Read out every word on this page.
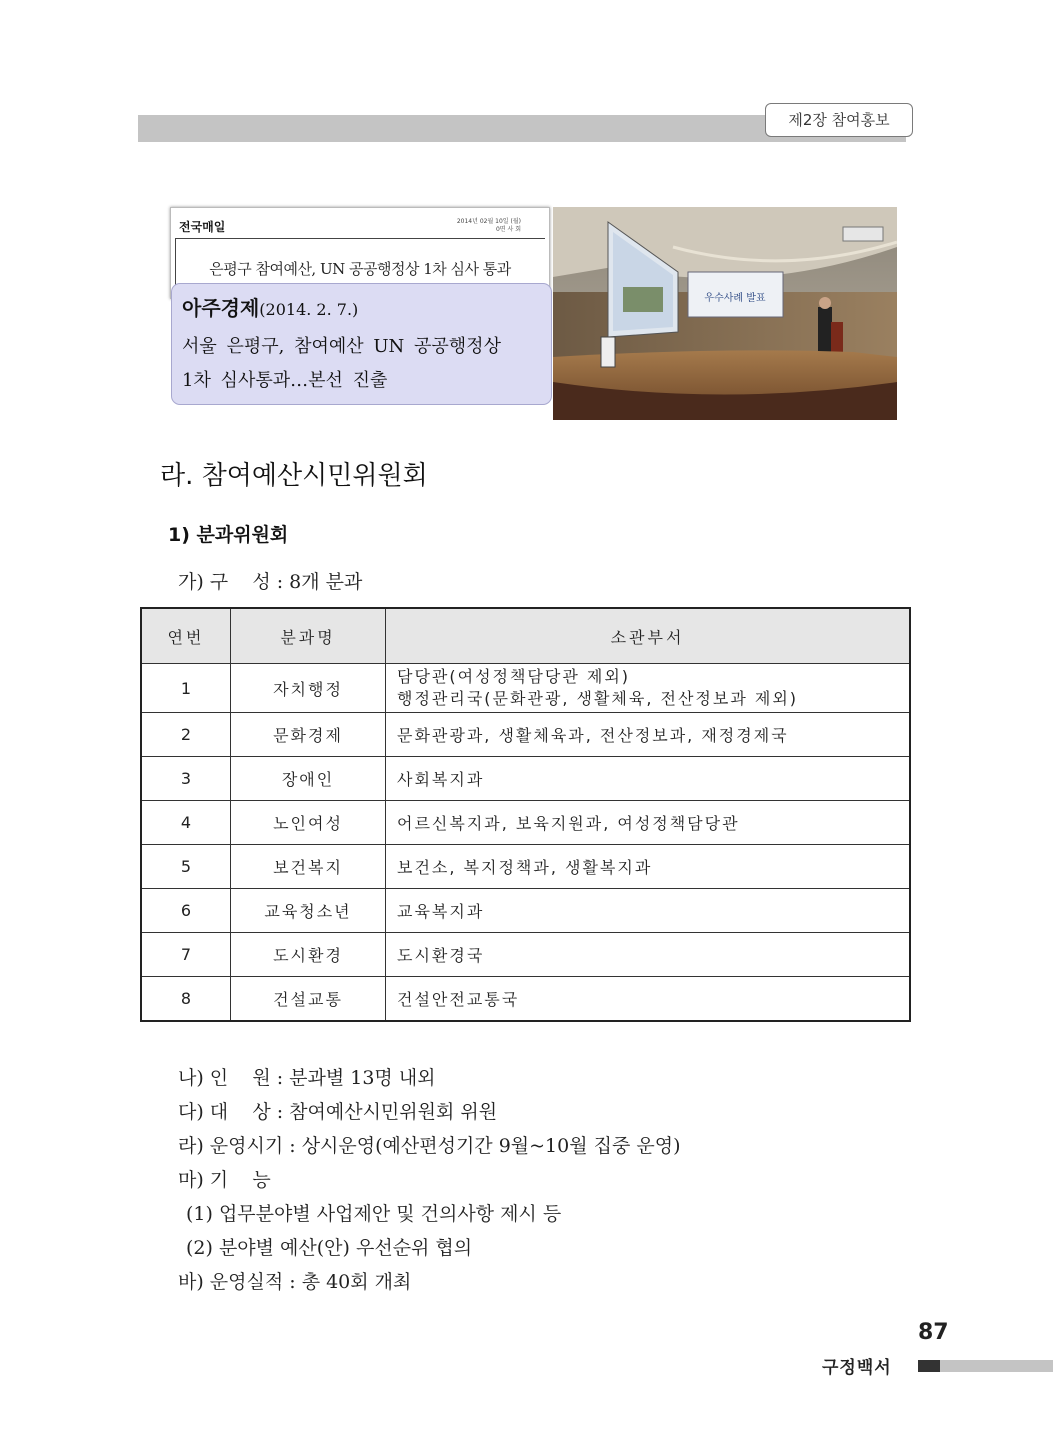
제2장 참여홍보
전국매일	2014년 02월 10일 (월)
0면 사 회
은평구 참여예산, UN 공공행정상 1차 심사 통과
아주경제(2014. 2. 7.)
서울 은평구, 참여예산 UN 공공행정상
1차 심사통과…본선 진출
우수사례 발표
라. 참여예산시민위원회
1) 분과위원회
가) 구    성 : 8개 분과
연번	분과명	소관부서
1	자치행정	담당관(여성정책담당관 제외)
행정관리국(문화관광, 생활체육, 전산정보과 제외)

2	문화경제	문화관광과, 생활체육과, 전산정보과, 재정경제국
3	장애인	사회복지과
4	노인여성	어르신복지과, 보육지원과, 여성정책담당관
5	보건복지	보건소, 복지정책과, 생활복지과
6	교육청소년	교육복지과
7	도시환경	도시환경국
8	건설교통	건설안전교통국
나) 인    원 : 분과별 13명 내외
다) 대    상 : 참여예산시민위원회 위원
라) 운영시기 : 상시운영(예산편성기간 9월~10월 집중 운영)
마) 기    능
(1) 업무분야별 사업제안 및 건의사항 제시 등
(2) 분야별 예산(안) 우선순위 협의
바) 운영실적 : 총 40회 개최
87
구정백서
